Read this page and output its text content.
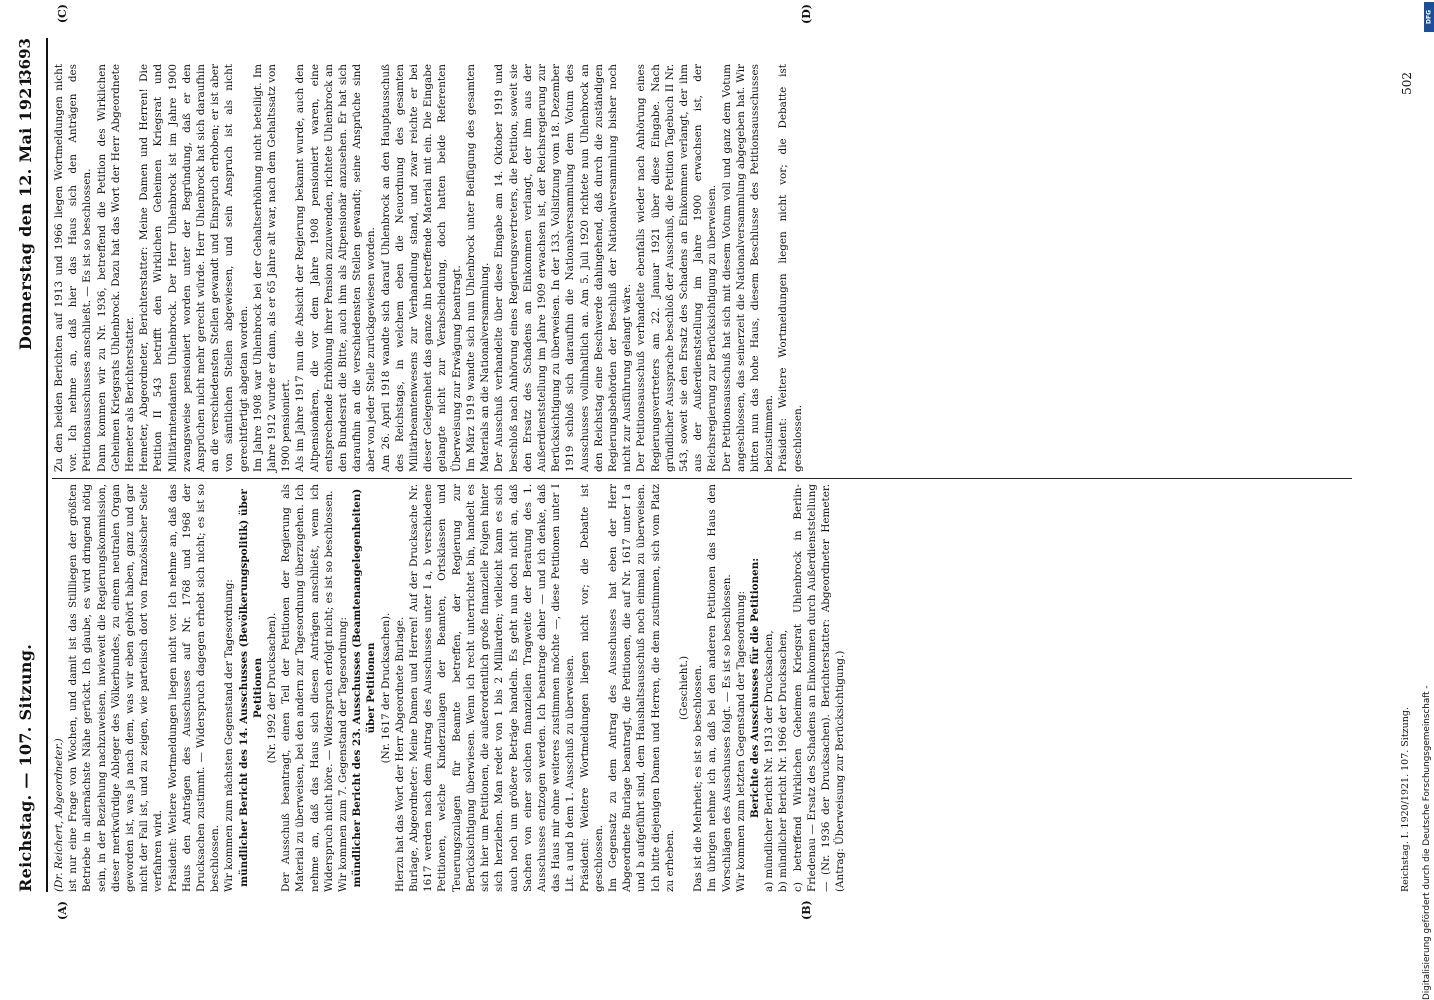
Reichstag. — 107. Sitzung.
Donnerstag den 12. Mai 1921.
3693
(A)	(B)
(C)	(D)
(Dr. Reichert, Abgeordneter.) ist nur eine Frage von Wochen, und damit ist das Stillliegen der größten Betriebe in allernächste Nähe gerückt. Ich glaube, es wird dringend nötig sein, in der Beziehung nachzuweisen, inwieweit die Regierungskommission, dieser merkwürdige Ableger des Völkerbundes, zu einem neutralen Organ geworden ist, was ja nach dem, was wir eben gehört haben, ganz und gar nicht der Fall ist, und zu zeigen, wie parteiisch dort von französischer Seite verfahren wird. Präsident: Weitere Wortmeldungen liegen nicht vor. Ich nehme an, daß das Haus den Anträgen des Ausschusses auf Nr. 1768 und 1968 der Drucksachen zustimmt. — Widerspruch dagegen erhebt sich nicht; es ist so beschlossen. Wir kommen zum nächsten Gegenstand der Tagesordnung: mündlicher Bericht des 14. Ausschusses (Bevölkerungspolitik) über Petitionen (Nr. 1992 der Drucksachen). Der Ausschuß beantragt, einen Teil der Petitionen der Regierung als Material zu überweisen, bei den andern zur Tagesordnung überzugehen. Ich nehme an, daß das Haus sich diesen Anträgen anschließt, wenn ich Widerspruch nicht höre. — Widerspruch erfolgt nicht; es ist so beschlossen. Wir kommen zum 7. Gegenstand der Tagesordnung: mündlicher Bericht des 23. Ausschusses (Beamtenangelegenheiten) über Petitionen (Nr. 1617 der Drucksachen). Hierzu hat das Wort der Herr Abgeordnete Burlage. Burlage, Abgeordneter: Meine Damen und Herren! Auf der Drucksache Nr. 1617 werden nach dem Antrag des Ausschusses unter I a, b verschiedene Petitionen, welche Kinderzulagen der Beamten, Ortsklassen und Teuerungszulagen für Beamte betreffen, der Regierung zur Berücksichtigung überwiesen. Wenn ich recht unterrichtet bin, handelt es sich hier um Petitionen, die außerordentlich große finanzielle Folgen hinter sich herziehen. Man redet von 1 bis 2 Milliarden; vielleicht kann es sich auch noch um größere Beträge handeln. Es geht nun doch nicht an, daß Sachen von einer solchen finanziellen Tragweite der Beratung des 1. Ausschusses entzogen werden. Ich beantrage daher — und ich denke, daß das Haus mir ohne weiteres zustimmen möchte —, diese Petitionen unter I Lit. a und b dem 1. Ausschuß zu überweisen. Präsident: Weitere Wortmeldungen liegen nicht vor; die Debatte ist geschlossen. Im Gegensatz zu dem Antrag des Ausschusses hat eben der Herr Abgeordnete Burlage beantragt, die Petitionen, die auf Nr. 1617 unter I a und b aufgeführt sind, dem Haushaltsausschuß noch einmal zu überweisen. Ich bitte diejenigen Damen und Herren, die dem zustimmen, sich vom Platz zu erheben.

(Geschieht.) Das ist die Mehrheit; es ist so beschlossen. Im übrigen nehme ich an, daß bei den anderen Petitionen das Haus den Vorschlägen des Ausschusses folgt. — Es ist so beschlossen. Wir kommen zum letzten Gegenstand der Tagesordnung: Berichte des Ausschusses für die Petitionen: a) mündlicher Bericht Nr. 1913 der Drucksachen, b) mündlicher Bericht Nr. 1966 der Drucksachen, c) betreffend Wirklichen Geheimen Kriegsrat Uhlenbrock in Berlin-Friedenau — Ersatz des Schadens an Einkommen durch Außerdienststellung — (Nr. 1936 der Drucksachen). Berichterstatter: Abgeordneter Hemeter. (Antrag: Überweisung zur Berücksichtigung.)
Zu den beiden Berichten auf 1913 und 1966 liegen Wortmeldungen nicht vor. Ich nehme an, daß hier das Haus sich den Anträgen des Petitionsausschusses anschließt. — Es ist so beschlossen. Dann kommen wir zu Nr. 1936, betreffend die Petition des Wirklichen Geheimen Kriegsrats Uhlenbrock. Dazu hat das Wort der Herr Abgeordnete Hemeter als Berichterstatter. Hemeter, Abgeordneter, Berichterstatter: Meine Damen und Herren! Die Petition II 543 betrifft den Wirklichen Geheimen Kriegsrat und Militärintendanten Uhlenbrock. Der Herr Uhlenbrock ist im Jahre 1900 zwangsweise pensioniert worden unter der Begründung, daß er den Ansprüchen nicht mehr gerecht würde. Herr Uhlenbrock hat sich daraufhin an die verschiedensten Stellen gewandt und Einspruch erhoben; er ist aber von sämtlichen Stellen abgewiesen, und sein Anspruch ist als nicht gerechtfertigt abgetan worden. Im Jahre 1908 war Uhlenbrock bei der Gehaltserhöhung nicht beteiligt. Im Jahre 1912 wurde er dann, als er 65 Jahre alt war, nach dem Gehaltssatz von 1900 pensioniert. Als im Jahre 1917 nun die Absicht der Regierung bekannt wurde, auch den Altpensionären, die vor dem Jahre 1908 pensioniert waren, eine entsprechende Erhöhung ihrer Pension zuzuwenden, richtete Uhlenbrock an den Bundesrat die Bitte, auch ihm als Altpensionär anzusehen. Er hat sich daraufhin an die verschiedensten Stellen gewandt; seine Ansprüche sind aber von jeder Stelle zurückgewiesen worden. Am 26. April 1918 wandte sich darauf Uhlenbrock an den Hauptausschuß des Reichstags, in welchem eben die Neuordnung des gesamten Militärbeamtenwesens zur Verhandlung stand, und zwar reichte er bei dieser Gelegenheit das ganze ihn betreffende Material mit ein. Die Eingabe gelangte nicht zur Verabschiedung, doch hatten beide Referenten Überweisung zur Erwägung beantragt. Im März 1919 wandte sich nun Uhlenbrock unter Beifügung des gesamten Materials an die Nationalversammlung. Der Ausschuß verhandelte über diese Eingabe am 14. Oktober 1919 und beschloß nach Anhörung eines Regierungsvertreters, die Petition, soweit sie den Ersatz des Schadens an Einkommen verlangt, der ihm aus der Außerdienststellung im Jahre 1909 erwachsen ist, der Reichsregierung zur Berücksichtigung zu überweisen. In der 133. Vollsitzung vom 18. Dezember 1919 schloß sich daraufhin die Nationalversammlung dem Votum des Ausschusses vollinhaltlich an. Am 5. Juli 1920 richtete nun Uhlenbrock an den Reichstag eine Beschwerde dahingehend, daß durch die zuständigen Regierungsbehörden der Beschluß der Nationalversammlung bisher noch nicht zur Ausführung gelangt wäre. Der Petitionsausschuß verhandelte ebenfalls wieder nach Anhörung eines Regierungsvertreters am 22. Januar 1921 über diese Eingabe. Nach gründlicher Aussprache beschloß der Ausschuß, die Petition Tagebuch II Nr. 543, soweit sie den Ersatz des Schadens an Einkommen verlangt, der ihm aus der Außerdienststellung im Jahre 1900 erwachsen ist, der Reichsregierung zur Berücksichtigung zu überweisen. Der Petitionsausschuß hat sich mit diesem Votum voll und ganz dem Votum angeschlossen, das seinerzeit die Nationalversammlung abgegeben hat. Wir bitten nun das hohe Haus, diesem Beschlusse des Petitionsausschusses beizustimmen. Präsident: Weitere Wortmeldungen liegen nicht vor; die Debatte ist geschlossen.
Reichstag. I. 1920/1921. 107. Sitzung.
502
DFG
Digitalisierung gefördert durch die Deutsche Forschungsgemeinschaft -
